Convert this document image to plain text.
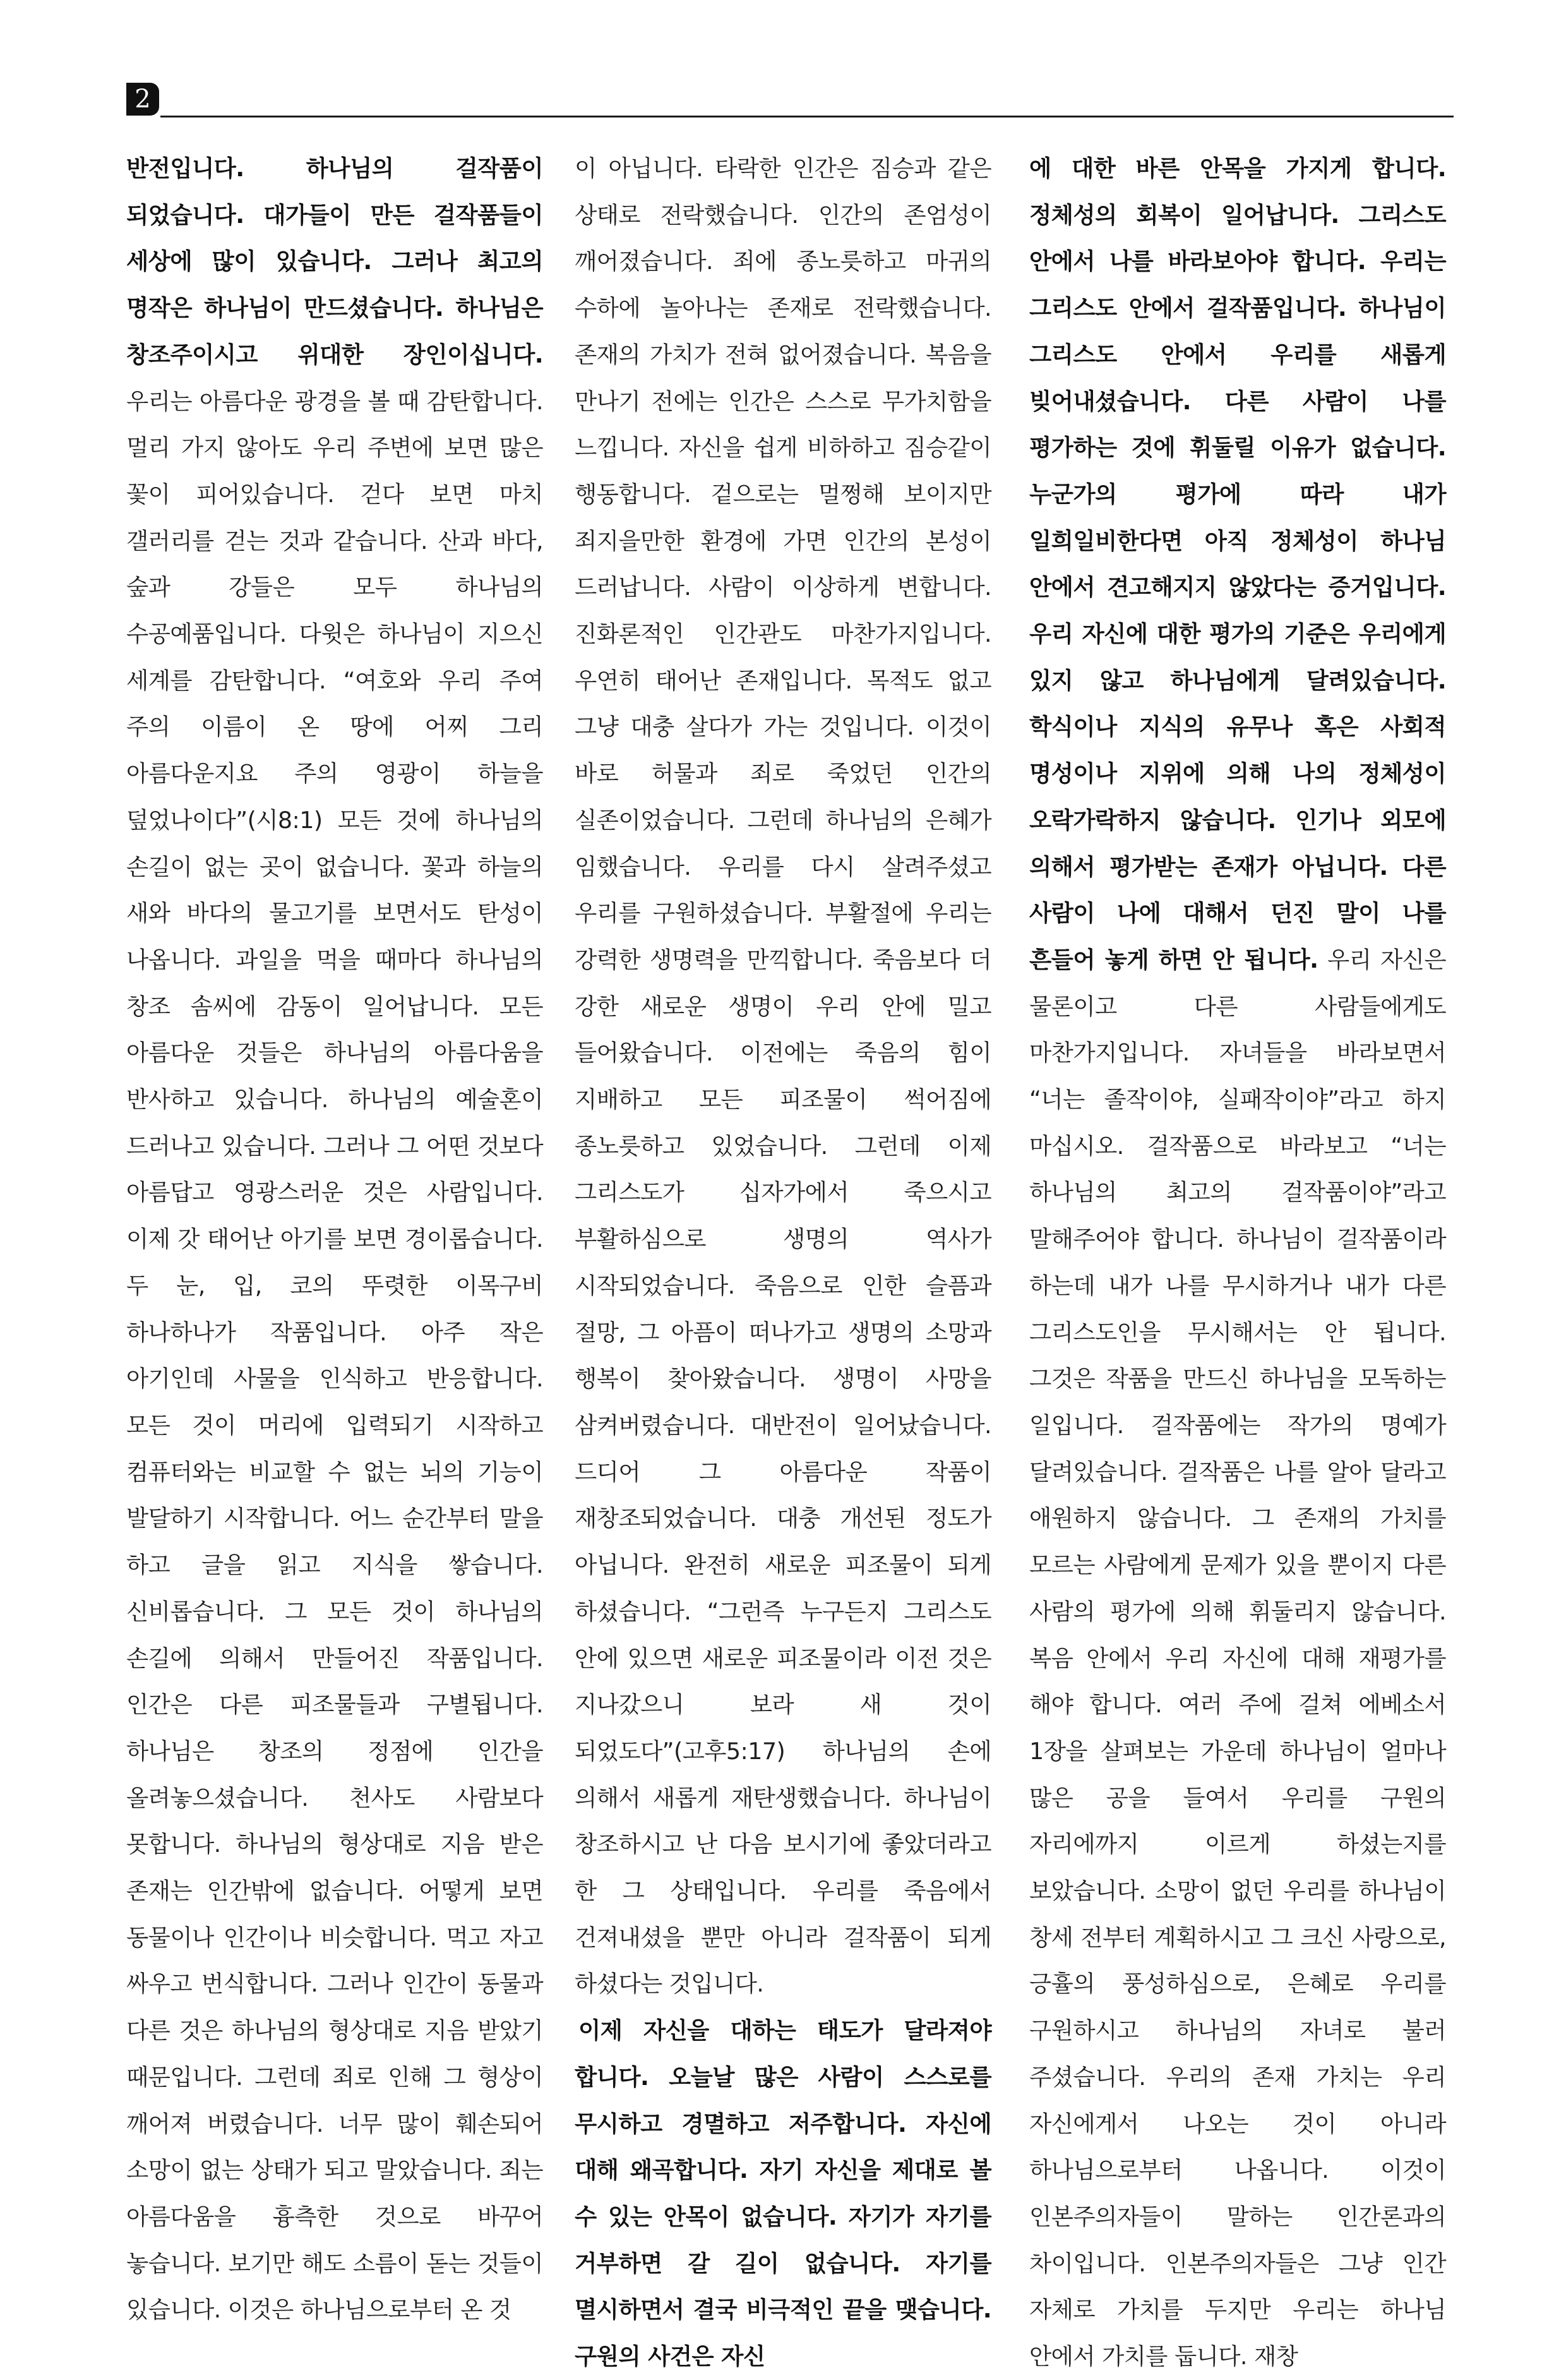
2

반전입니다. 하나님의 걸작품이 되었습니다. 대가들이 만든 걸작품들이 세상에 많이 있습니다. 그러나 최고의 명작은 하나님이 만드셨습니다. 하나님은 창조주이시고 위대한 장인이십니다. 우리는 아름다운 광경을 볼 때 감탄합니다. 멀리 가지 않아도 우리 주변에 보면 많은 꽃이 피어있습니다. 걷다 보면 마치 갤러리를 걷는 것과 같습니다. 산과 바다, 숲과 강들은 모두 하나님의 수공예품입니다. 다윗은 하나님이 지으신 세계를 감탄합니다. “여호와 우리 주여 주의 이름이 온 땅에 어찌 그리 아름다운지요 주의 영광이 하늘을 덮었나이다”(시8:1) 모든 것에 하나님의 손길이 없는 곳이 없습니다. 꽃과 하늘의 새와 바다의 물고기를 보면서도 탄성이 나옵니다. 과일을 먹을 때마다 하나님의 창조 솜씨에 감동이 일어납니다. 모든 아름다운 것들은 하나님의 아름다움을 반사하고 있습니다. 하나님의 예술혼이 드러나고 있습니다. 그러나 그 어떤 것보다 아름답고 영광스러운 것은 사람입니다. 이제 갓 태어난 아기를 보면 경이롭습니다. 두 눈, 입, 코의 뚜렷한 이목구비 하나하나가 작품입니다. 아주 작은 아기인데 사물을 인식하고 반응합니다. 모든 것이 머리에 입력되기 시작하고 컴퓨터와는 비교할 수 없는 뇌의 기능이 발달하기 시작합니다. 어느 순간부터 말을 하고 글을 읽고 지식을 쌓습니다. 신비롭습니다. 그 모든 것이 하나님의 손길에 의해서 만들어진 작품입니다. 인간은 다른 피조물들과 구별됩니다. 하나님은 창조의 정점에 인간을 올려놓으셨습니다. 천사도 사람보다 못합니다. 하나님의 형상대로 지음 받은 존재는 인간밖에 없습니다. 어떻게 보면 동물이나 인간이나 비슷합니다. 먹고 자고 싸우고 번식합니다. 그러나 인간이 동물과 다른 것은 하나님의 형상대로 지음 받았기 때문입니다. 그런데 죄로 인해 그 형상이 깨어져 버렸습니다. 너무 많이 훼손되어 소망이 없는 상태가 되고 말았습니다. 죄는 아름다움을 흉측한 것으로 바꾸어 놓습니다. 보기만 해도 소름이 돋는 것들이 있습니다. 이것은 하나님으로부터 온 것

이 아닙니다. 타락한 인간은 짐승과 같은 상태로 전락했습니다. 인간의 존엄성이 깨어졌습니다. 죄에 종노릇하고 마귀의 수하에 놀아나는 존재로 전락했습니다. 존재의 가치가 전혀 없어졌습니다. 복음을 만나기 전에는 인간은 스스로 무가치함을 느낍니다. 자신을 쉽게 비하하고 짐승같이 행동합니다. 겉으로는 멀쩡해 보이지만 죄지을만한 환경에 가면 인간의 본성이 드러납니다. 사람이 이상하게 변합니다. 진화론적인 인간관도 마찬가지입니다. 우연히 태어난 존재입니다. 목적도 없고 그냥 대충 살다가 가는 것입니다. 이것이 바로 허물과 죄로 죽었던 인간의 실존이었습니다. 그런데 하나님의 은혜가 임했습니다. 우리를 다시 살려주셨고 우리를 구원하셨습니다. 부활절에 우리는 강력한 생명력을 만끽합니다. 죽음보다 더 강한 새로운 생명이 우리 안에 밀고 들어왔습니다. 이전에는 죽음의 힘이 지배하고 모든 피조물이 썩어짐에 종노릇하고 있었습니다. 그런데 이제 그리스도가 십자가에서 죽으시고 부활하심으로 생명의 역사가 시작되었습니다. 죽음으로 인한 슬픔과 절망, 그 아픔이 떠나가고 생명의 소망과 행복이 찾아왔습니다. 생명이 사망을 삼켜버렸습니다. 대반전이 일어났습니다. 드디어 그 아름다운 작품이 재창조되었습니다. 대충 개선된 정도가 아닙니다. 완전히 새로운 피조물이 되게 하셨습니다. “그런즉 누구든지 그리스도 안에 있으면 새로운 피조물이라 이전 것은 지나갔으니 보라 새 것이 되었도다”(고후5:17) 하나님의 손에 의해서 새롭게 재탄생했습니다. 하나님이 창조하시고 난 다음 보시기에 좋았더라고 한 그 상태입니다. 우리를 죽음에서 건져내셨을 뿐만 아니라 걸작품이 되게 하셨다는 것입니다.

이제 자신을 대하는 태도가 달라져야 합니다. 오늘날 많은 사람이 스스로를 무시하고 경멸하고 저주합니다. 자신에 대해 왜곡합니다. 자기 자신을 제대로 볼 수 있는 안목이 없습니다. 자기가 자기를 거부하면 갈 길이 없습니다. 자기를 멸시하면서 결국 비극적인 끝을 맺습니다. 구원의 사건은 자신

에 대한 바른 안목을 가지게 합니다. 정체성의 회복이 일어납니다. 그리스도 안에서 나를 바라보아야 합니다. 우리는 그리스도 안에서 걸작품입니다. 하나님이 그리스도 안에서 우리를 새롭게 빚어내셨습니다. 다른 사람이 나를 평가하는 것에 휘둘릴 이유가 없습니다. 누군가의 평가에 따라 내가 일희일비한다면 아직 정체성이 하나님 안에서 견고해지지 않았다는 증거입니다. 우리 자신에 대한 평가의 기준은 우리에게 있지 않고 하나님에게 달려있습니다. 학식이나 지식의 유무나 혹은 사회적 명성이나 지위에 의해 나의 정체성이 오락가락하지 않습니다. 인기나 외모에 의해서 평가받는 존재가 아닙니다. 다른 사람이 나에 대해서 던진 말이 나를 흔들어 놓게 하면 안 됩니다. 우리 자신은 물론이고 다른 사람들에게도 마찬가지입니다. 자녀들을 바라보면서 “너는 졸작이야, 실패작이야”라고 하지 마십시오. 걸작품으로 바라보고 “너는 하나님의 최고의 걸작품이야”라고 말해주어야 합니다. 하나님이 걸작품이라 하는데 내가 나를 무시하거나 내가 다른 그리스도인을 무시해서는 안 됩니다. 그것은 작품을 만드신 하나님을 모독하는 일입니다. 걸작품에는 작가의 명예가 달려있습니다. 걸작품은 나를 알아 달라고 애원하지 않습니다. 그 존재의 가치를 모르는 사람에게 문제가 있을 뿐이지 다른 사람의 평가에 의해 휘둘리지 않습니다. 복음 안에서 우리 자신에 대해 재평가를 해야 합니다. 여러 주에 걸쳐 에베소서 1장을 살펴보는 가운데 하나님이 얼마나 많은 공을 들여서 우리를 구원의 자리에까지 이르게 하셨는지를 보았습니다. 소망이 없던 우리를 하나님이 창세 전부터 계획하시고 그 크신 사랑으로, 긍휼의 풍성하심으로, 은혜로 우리를 구원하시고 하나님의 자녀로 불러 주셨습니다. 우리의 존재 가치는 우리 자신에게서 나오는 것이 아니라 하나님으로부터 나옵니다. 이것이 인본주의자들이 말하는 인간론과의 차이입니다. 인본주의자들은 그냥 인간 자체로 가치를 두지만 우리는 하나님 안에서 가치를 둡니다. 재창
